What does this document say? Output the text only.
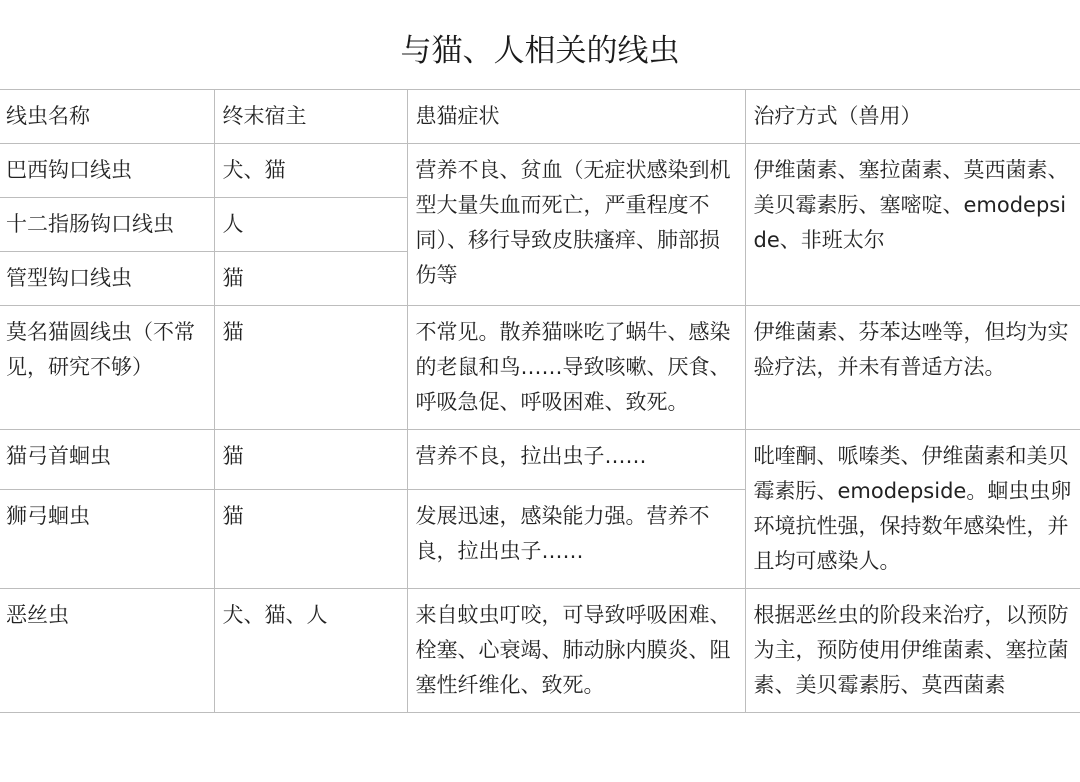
与猫、人相关的线虫
线虫名称	终末宿主	患猫症状	治疗方式（兽用）
巴西钩口线虫	犬、猫	营养不良、贫血（无症状感染到机型大量失血而死亡，严重程度不同）、移行导致皮肤瘙痒、肺部损伤等	伊维菌素、塞拉菌素、莫西菌素、美贝霉素肟、塞嘧啶、emodepside、非班太尔
十二指肠钩口线虫	人		
管型钩口线虫	猫		
莫名猫圆线虫（不常见，研究不够）	猫	不常见。散养猫咪吃了蜗牛、感染的老鼠和鸟……导致咳嗽、厌食、呼吸急促、呼吸困难、致死。	伊维菌素、芬苯达唑等，但均为实验疗法，并未有普适方法。
猫弓首蛔虫	猫	营养不良，拉出虫子……	吡喹酮、哌嗪类、伊维菌素和美贝霉素肟、emodepside。蛔虫虫卵环境抗性强，保持数年感染性，并且均可感染人。
狮弓蛔虫	猫	发展迅速，感染能力强。营养不良，拉出虫子……	
恶丝虫	犬、猫、人	来自蚊虫叮咬，可导致呼吸困难、栓塞、心衰竭、肺动脉内膜炎、阻塞性纤维化、致死。	根据恶丝虫的阶段来治疗，以预防为主，预防使用伊维菌素、塞拉菌素、美贝霉素肟、莫西菌素
